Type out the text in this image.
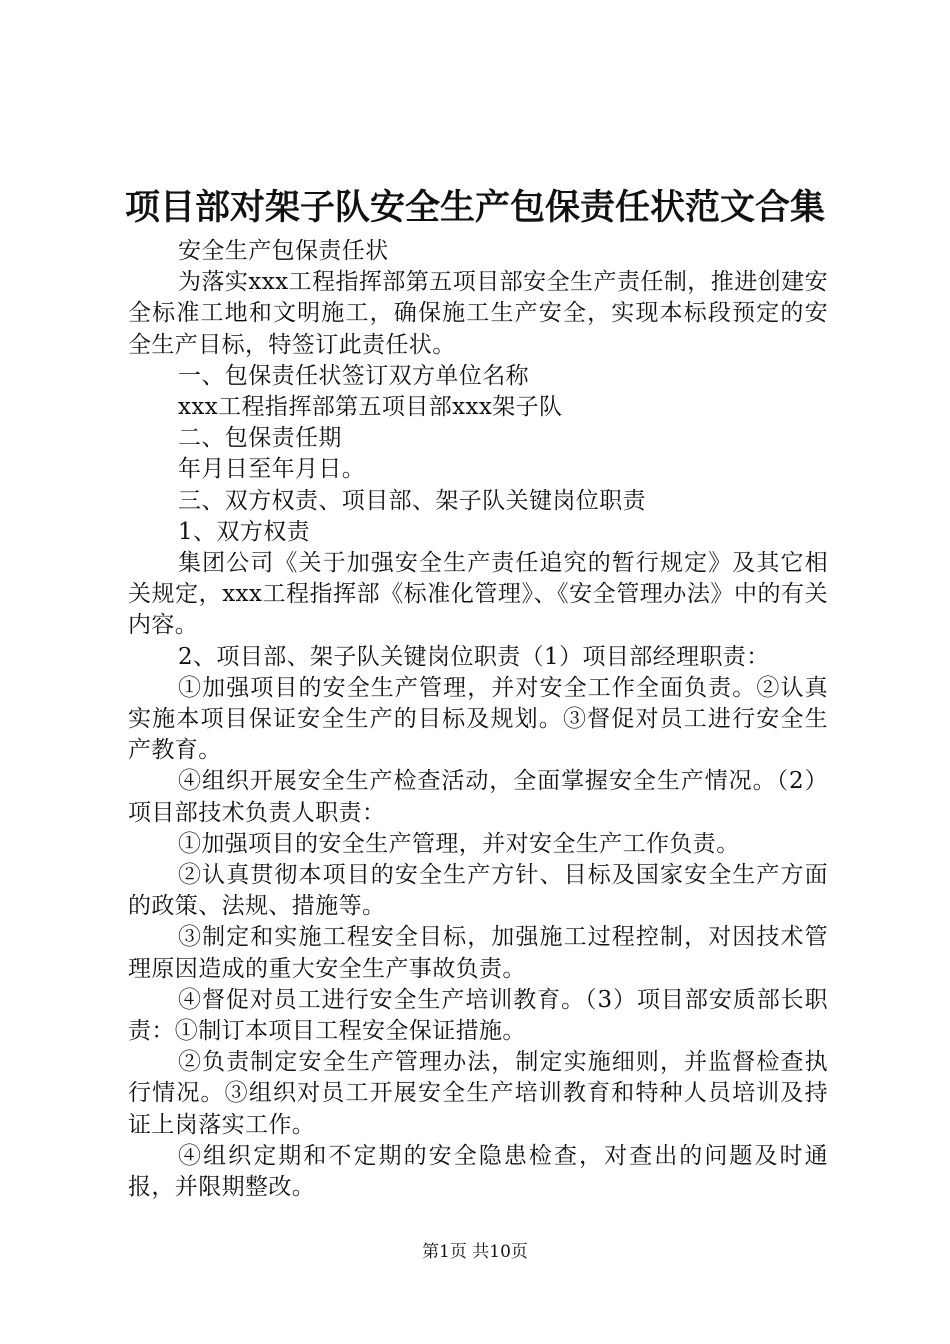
项目部对架子队安全生产包保责任状范文合集

安全生产包保责任状

为落实xxx工程指挥部第五项目部安全生产责任制，推进创建安全标准工地和文明施工，确保施工生产安全，实现本标段预定的安全生产目标，特签订此责任状。

一、包保责任状签订双方单位名称

xxx工程指挥部第五项目部xxx架子队

二、包保责任期

年月日至年月日。

三、双方权责、项目部、架子队关键岗位职责

1、双方权责

集团公司《关于加强安全生产责任追究的暂行规定》及其它相关规定，xxx工程指挥部《标准化管理》、《安全管理办法》中的有关内容。

2、项目部、架子队关键岗位职责（1）项目部经理职责：

①加强项目的安全生产管理，并对安全工作全面负责。②认真实施本项目保证安全生产的目标及规划。③督促对员工进行安全生产教育。

④组织开展安全生产检查活动，全面掌握安全生产情况。（2）项目部技术负责人职责：

①加强项目的安全生产管理，并对安全生产工作负责。

②认真贯彻本项目的安全生产方针、目标及国家安全生产方面的政策、法规、措施等。

③制定和实施工程安全目标，加强施工过程控制，对因技术管理原因造成的重大安全生产事故负责。

④督促对员工进行安全生产培训教育。（3）项目部安质部长职责：①制订本项目工程安全保证措施。

②负责制定安全生产管理办法，制定实施细则，并监督检查执行情况。③组织对员工开展安全生产培训教育和特种人员培训及持证上岗落实工作。

④组织定期和不定期的安全隐患检查，对查出的问题及时通报，并限期整改。

第1页 共10页
